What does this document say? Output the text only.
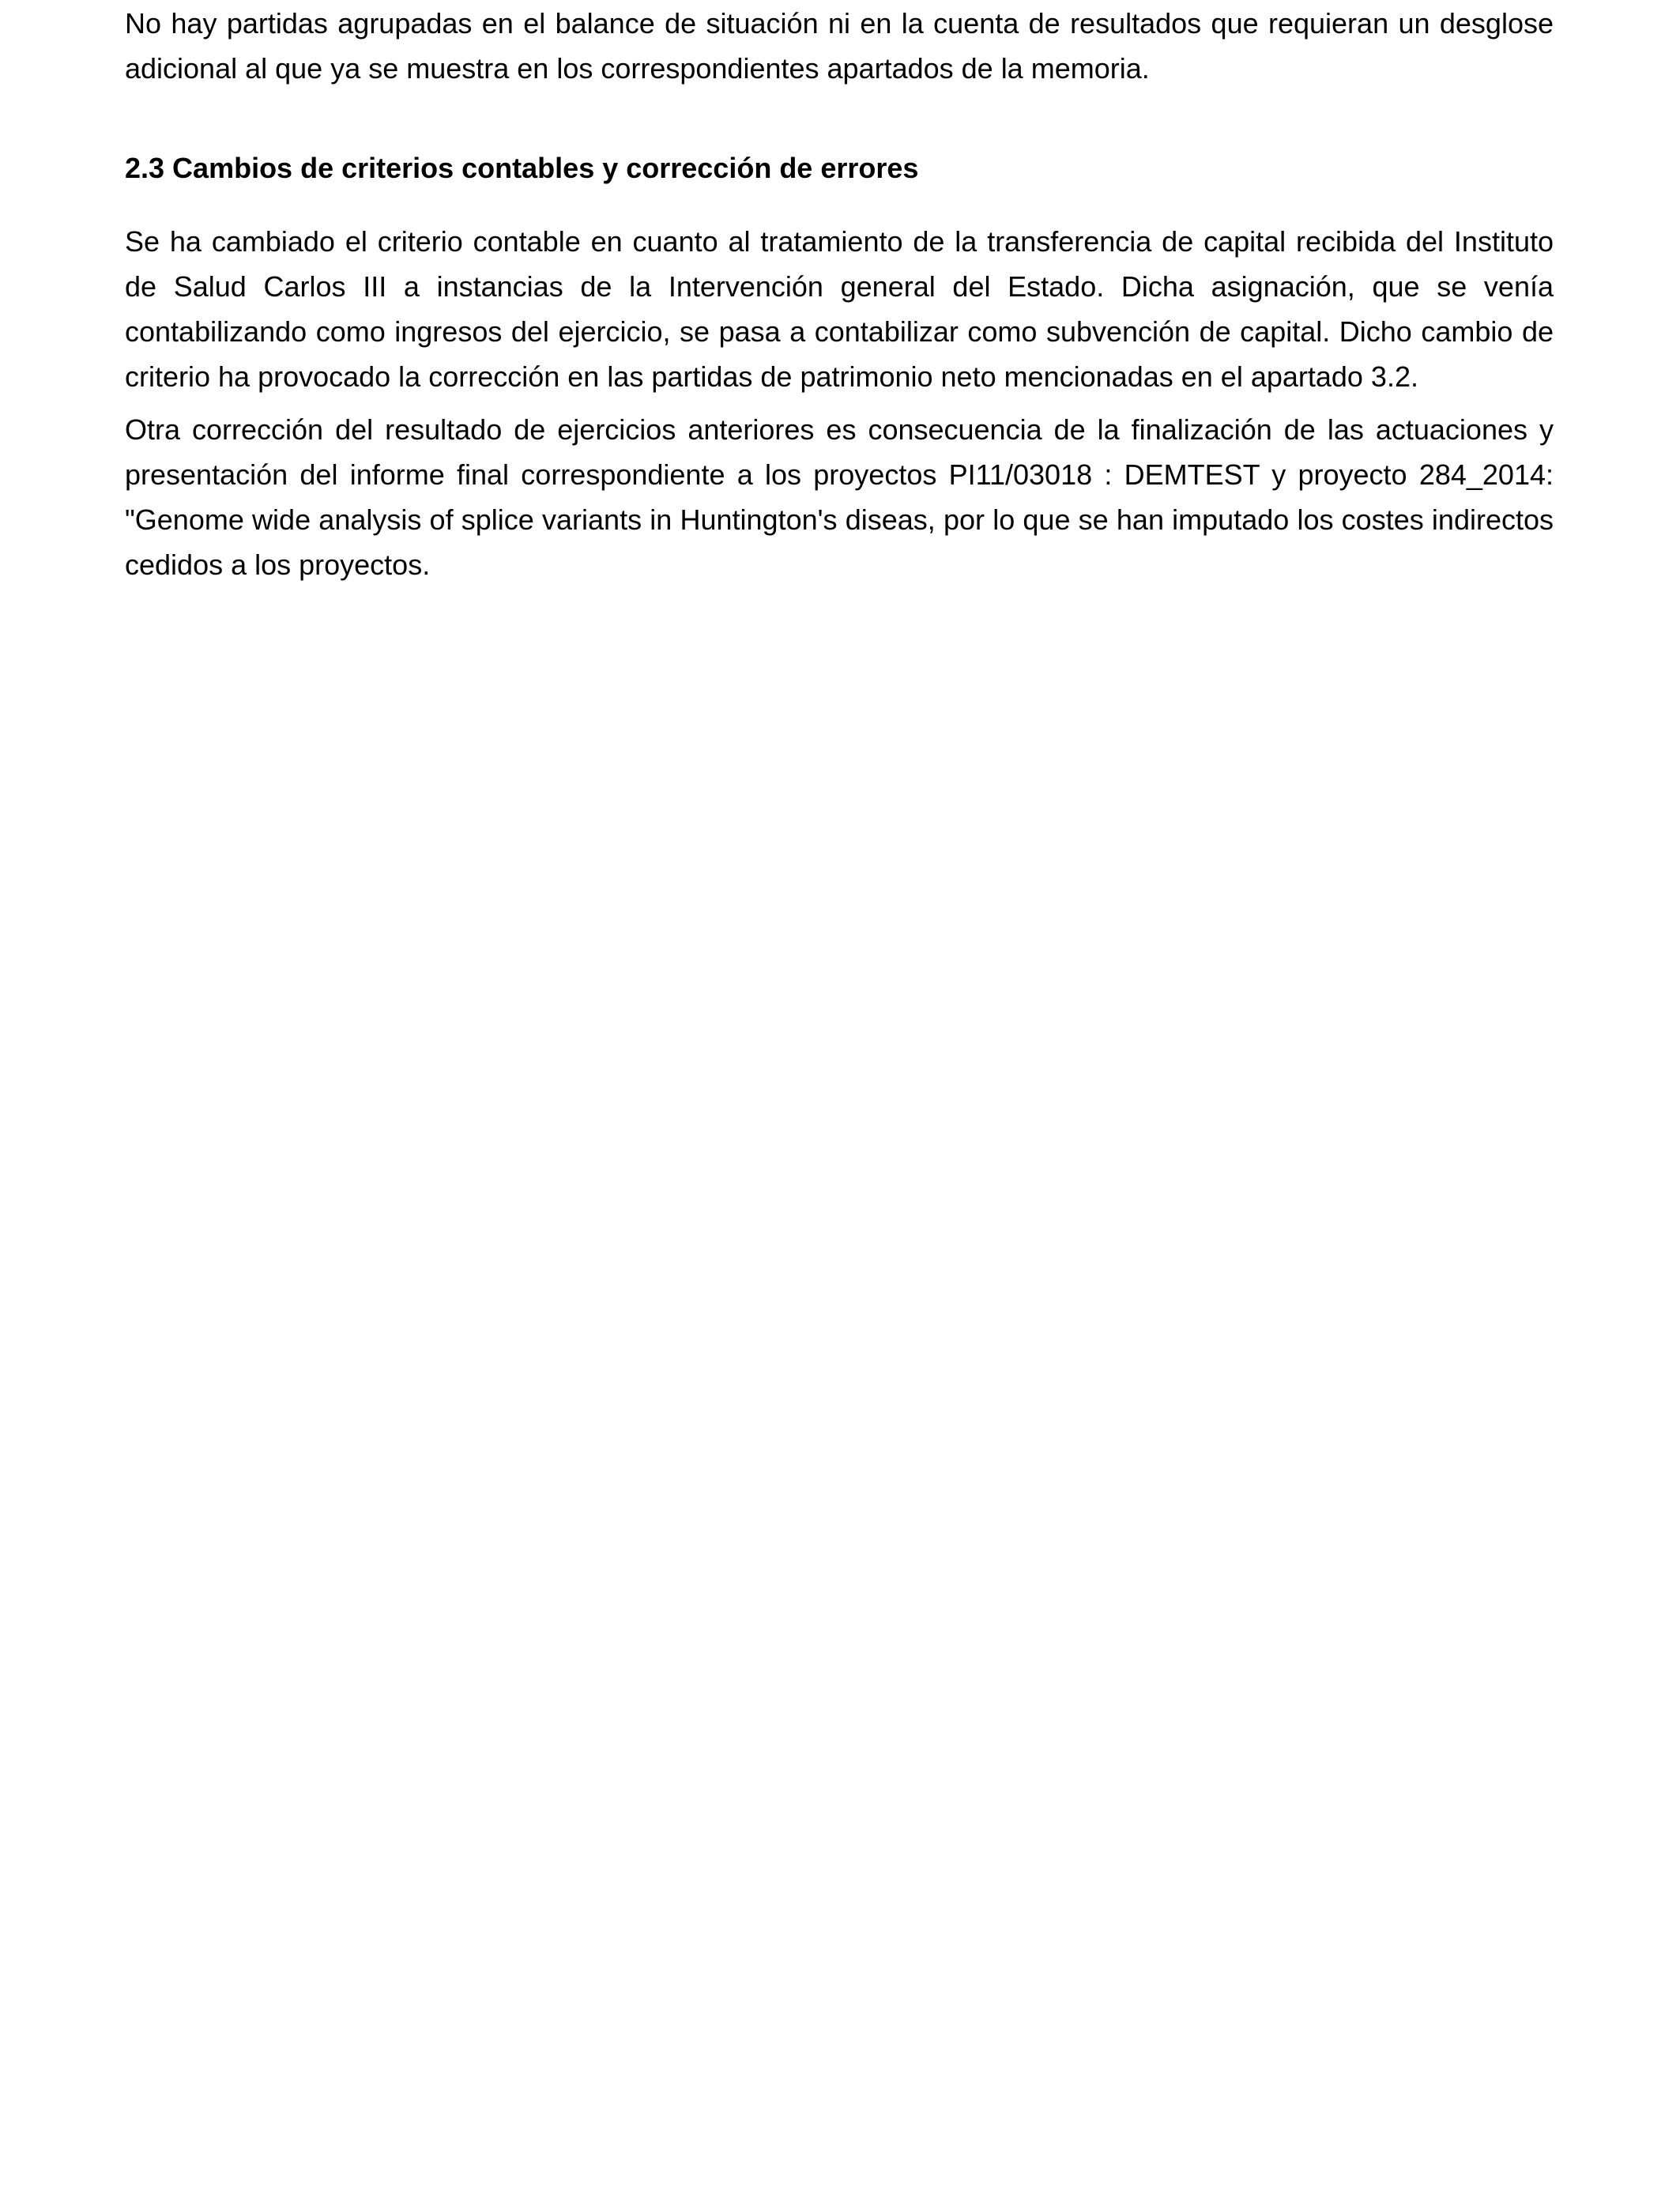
No hay partidas agrupadas en el balance de situación ni en la cuenta de resultados que requieran un desglose adicional al que ya se muestra en los correspondientes apartados de la memoria.

2.3 Cambios de criterios contables y corrección de errores

Se ha cambiado el criterio contable en cuanto al tratamiento de la transferencia de capital recibida del Instituto de Salud Carlos III a instancias de la Intervención general del Estado. Dicha asignación, que se venía contabilizando como ingresos del ejercicio, se pasa a contabilizar como subvención de capital. Dicho cambio de criterio ha provocado la corrección en las partidas de patrimonio neto mencionadas en el apartado 3.2.

Otra corrección del resultado de ejercicios anteriores es consecuencia de la finalización de las actuaciones y presentación del informe final correspondiente a los proyectos PI11/03018 : DEMTEST y proyecto 284_2014: "Genome wide analysis of splice variants in Huntington's diseas, por lo que se han imputado los costes indirectos cedidos a los proyectos.
